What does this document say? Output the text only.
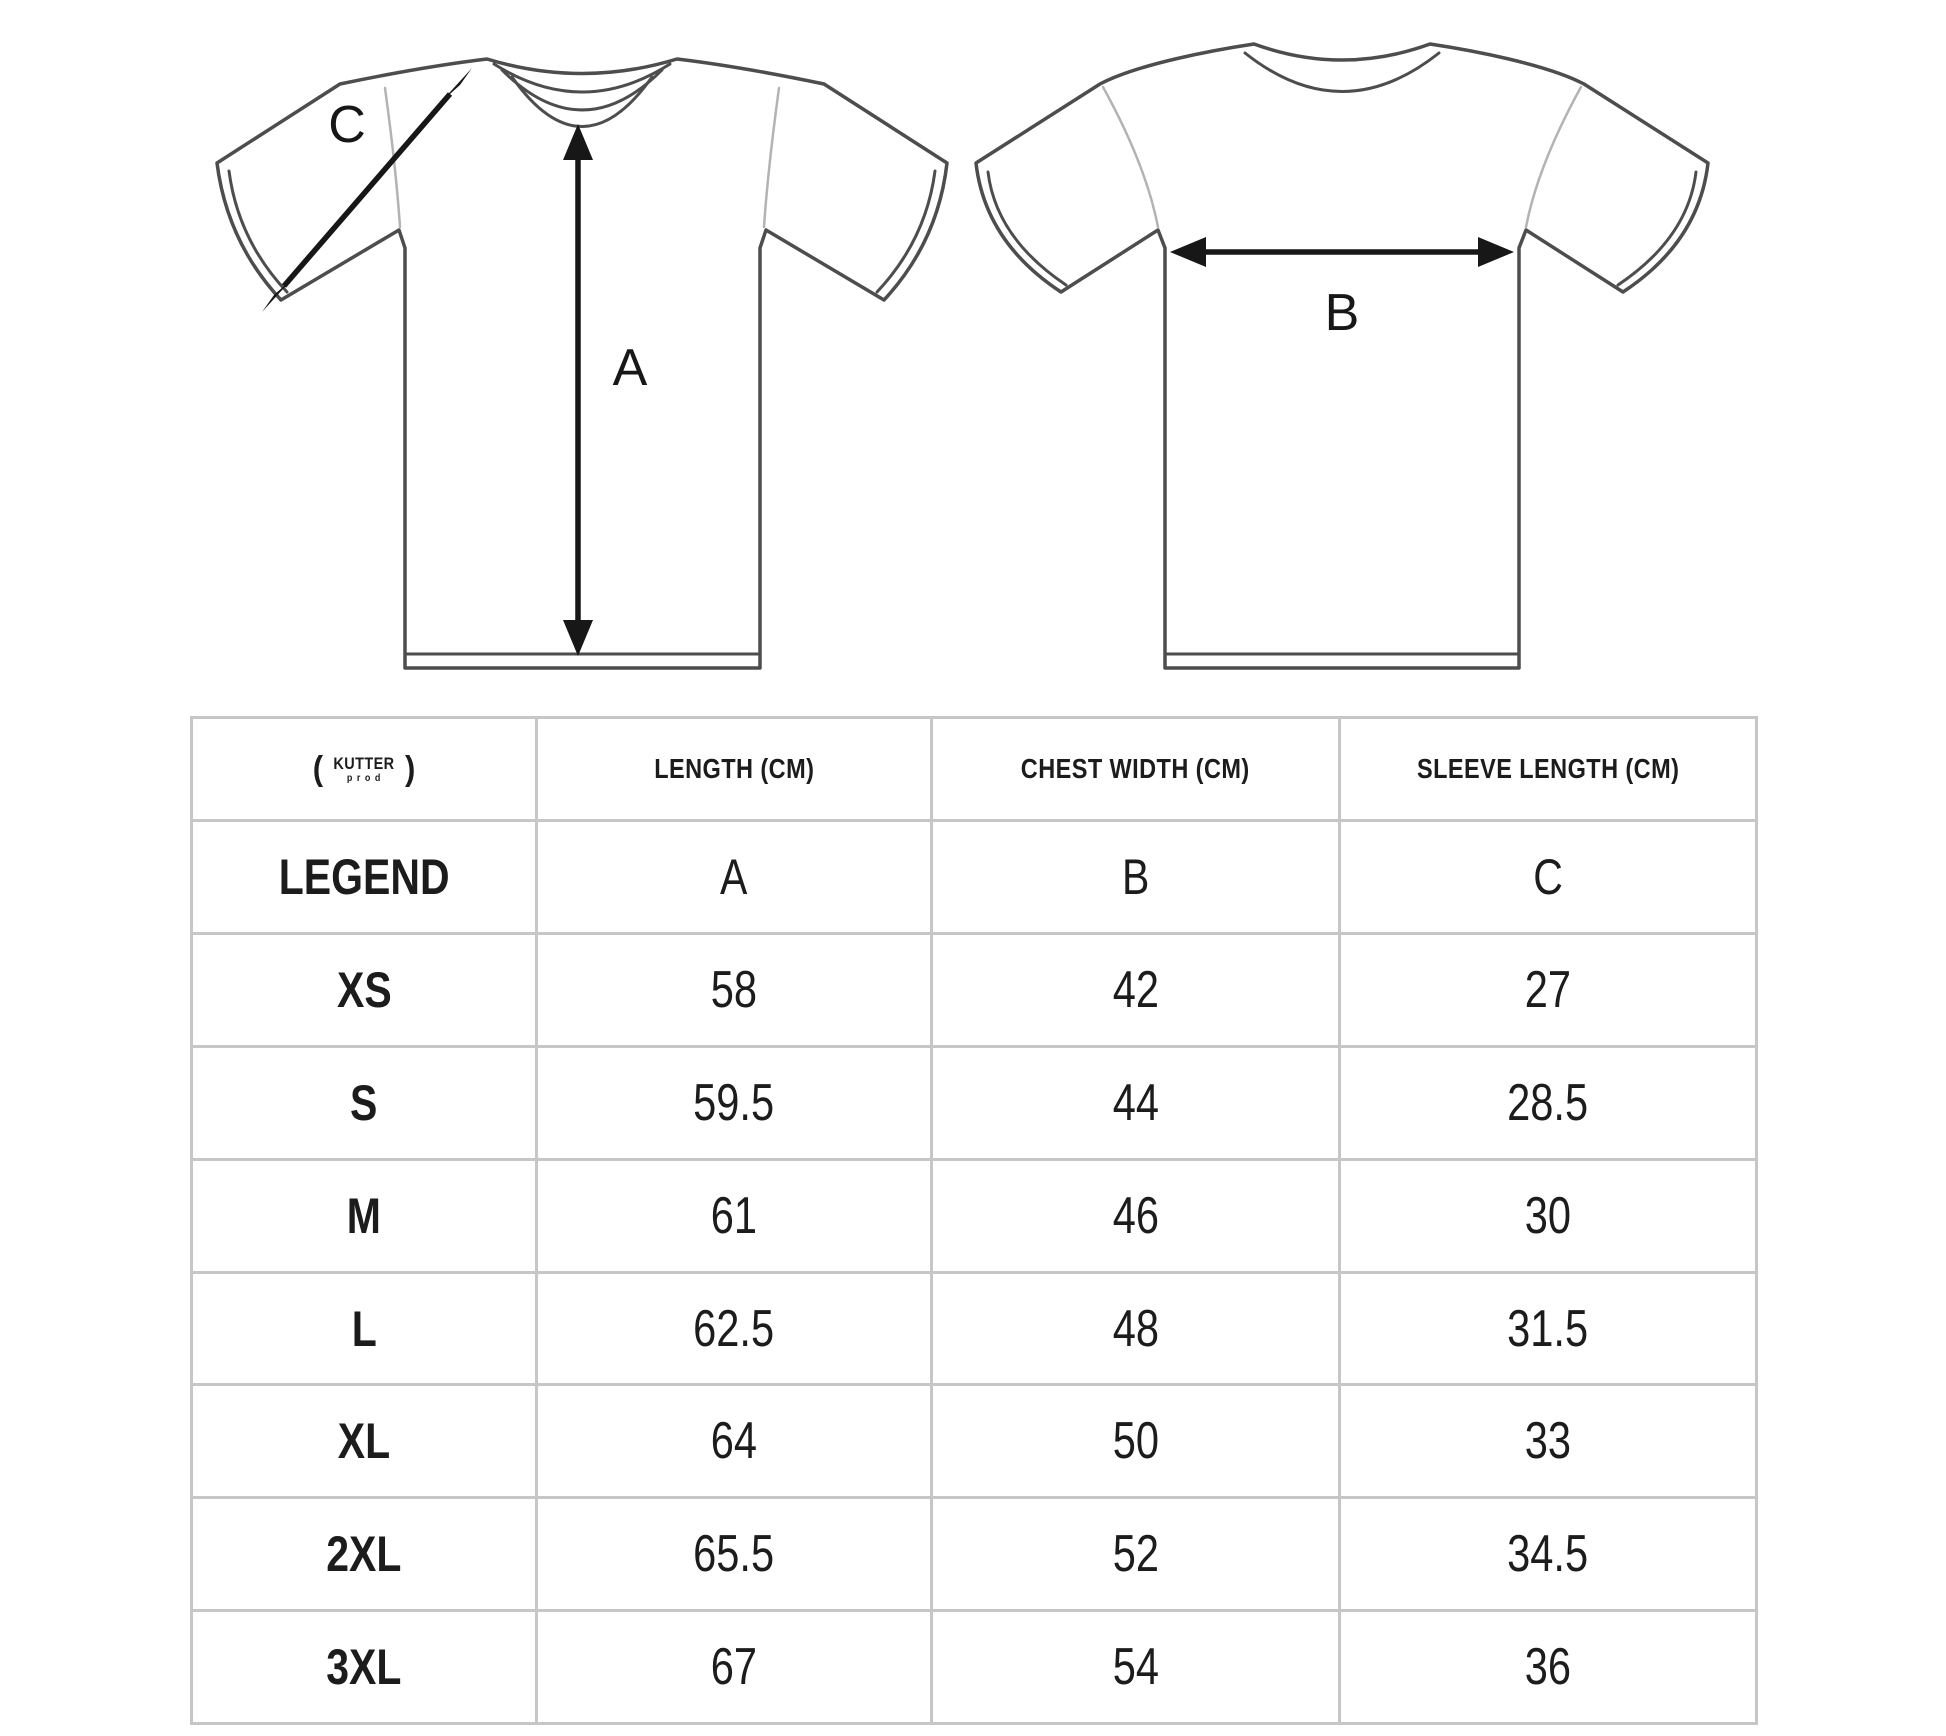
A
C
B
( KUTTER
prod )	LENGTH (CM)	CHEST WIDTH (CM)	SLEEVE LENGTH (CM)
LEGEND	A	B	C
XS	58	42	27
S	59.5	44	28.5
M	61	46	30
L	62.5	48	31.5
XL	64	50	33
2XL	65.5	52	34.5
3XL	67	54	36
